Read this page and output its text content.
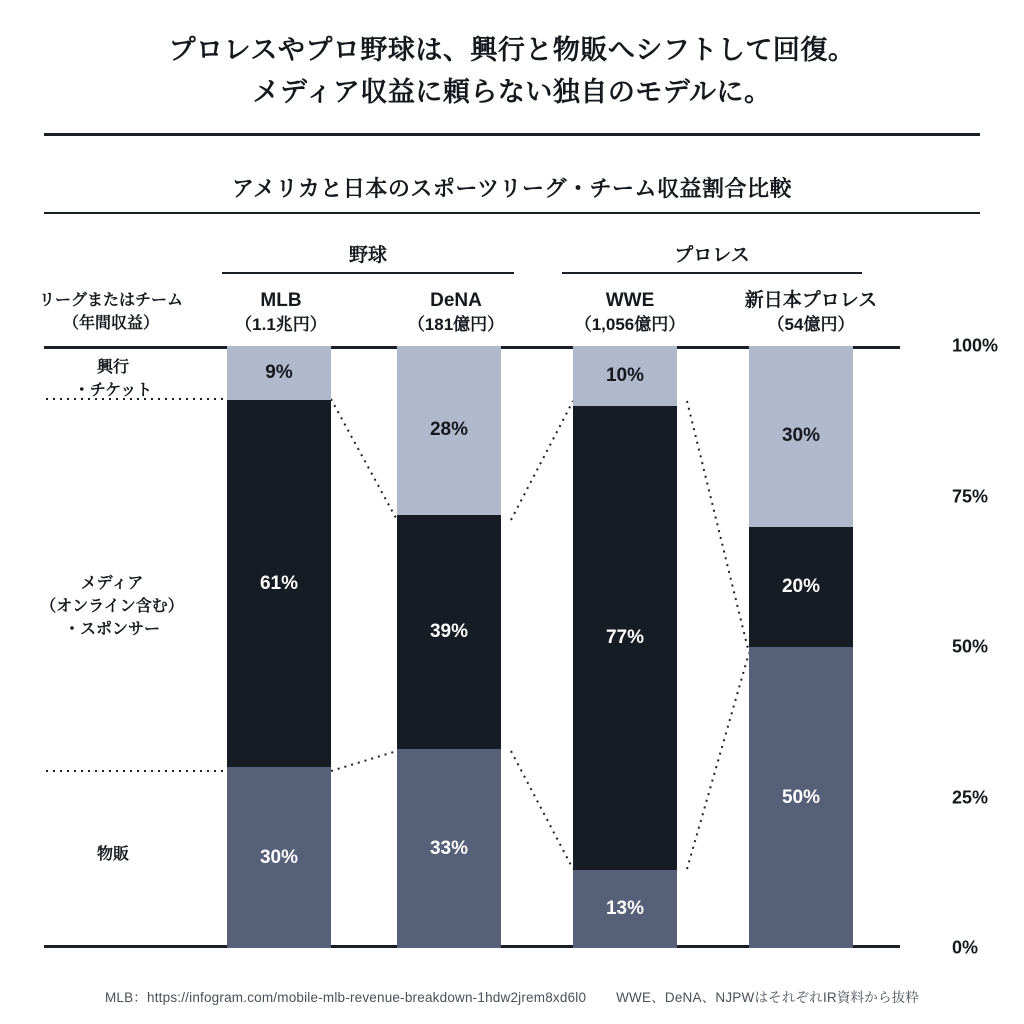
プロレスやプロ野球は、興行と物販へシフトして回復。
メディア収益に頼らない独自のモデルに。
アメリカと日本のスポーツリーグ・チーム収益割合比較
野球	プロレス
リーグまたはチーム
（年間収益）
MLB
（1.1兆円）
DeNA
（181億円）
WWE
（1,056億円）
新日本プロレス
（54億円）
興行
・チケット
メディア
（オンライン含む）
・スポンサー
物販
9%
61%
30%
28%
39%
33%
10%
77%
13%
30%
20%
50%
100%
75%
50%
25%
0%
MLB：https://infogram.com/mobile-mlb-revenue-breakdown-1hdw2jrem8xd6l0 WWE、DeNA、NJPWはそれぞれIR資料から抜粋
